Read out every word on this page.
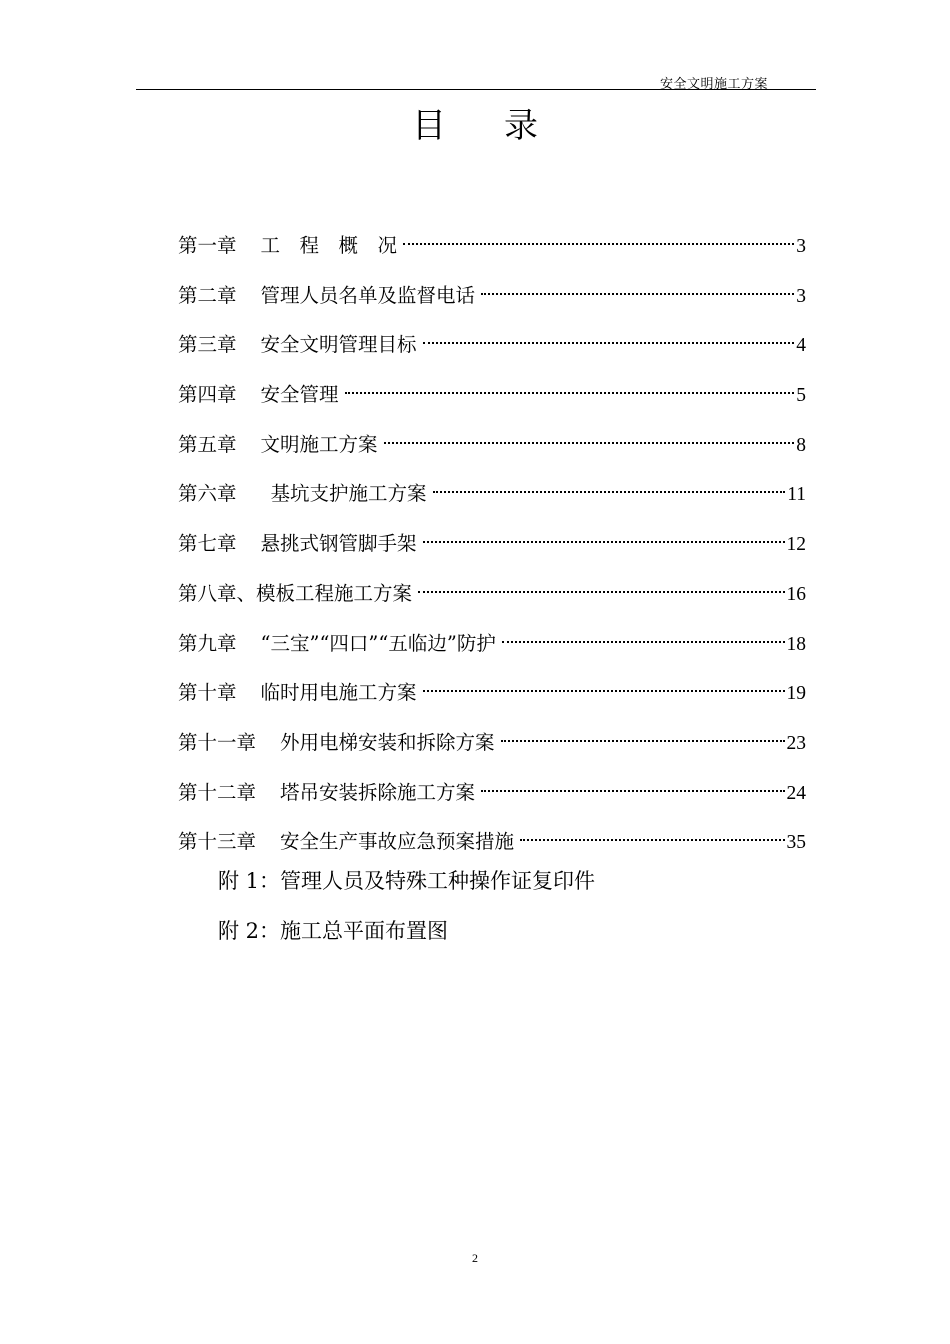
安全文明施工方案
目 录
第一章 工　程　概　况	3
第二章 管理人员名单及监督电话	3
第三章 安全文明管理目标	4
第四章 安全管理	5
第五章 文明施工方案	8
第六章 基坑支护施工方案	11
第七章 悬挑式钢管脚手架	12
第八章、 模板工程施工方案	16
第九章 “三宝”“四口”“五临边”防护	18
第十章 临时用电施工方案	19
第十一章 外用电梯安装和拆除方案	23
第十二章 塔吊安装拆除施工方案	24
第十三章 安全生产事故应急预案措施	35
附 1：管理人员及特殊工种操作证复印件
附 2：施工总平面布置图
2
